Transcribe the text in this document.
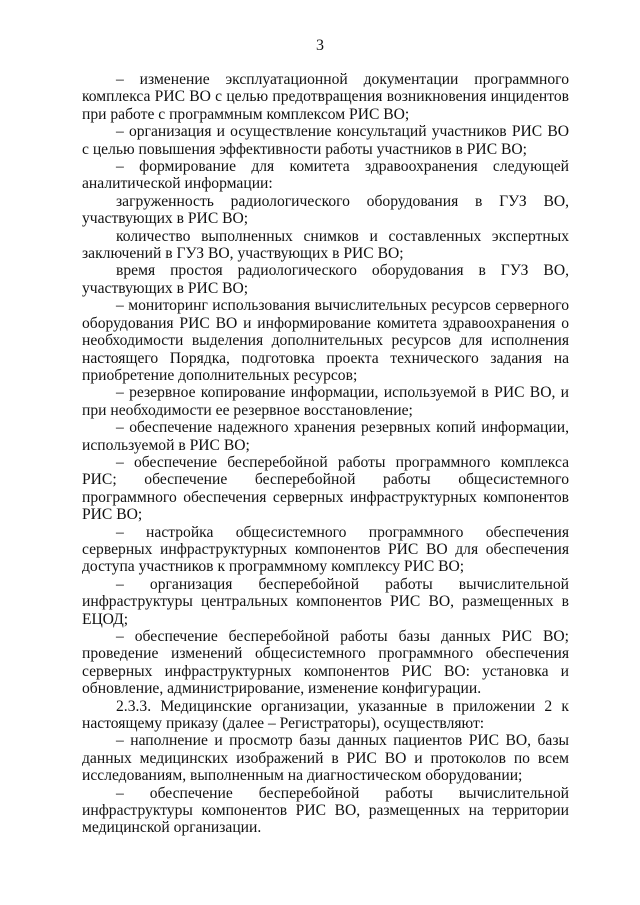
3

– изменение эксплуатационной документации программного комплекса РИС ВО с целью предотвращения возникновения инцидентов при работе с программным комплексом РИС ВО;

– организация и осуществление консультаций участников РИС ВО с целью повышения эффективности работы участников в РИС ВО;

– формирование для комитета здравоохранения следующей аналитической информации:

загруженность радиологического оборудования в ГУЗ ВО, участвующих в РИС ВО;

количество выполненных снимков и составленных экспертных заключений в ГУЗ ВО, участвующих в РИС ВО;

время простоя радиологического оборудования в ГУЗ ВО, участвующих в РИС ВО;

– мониторинг использования вычислительных ресурсов серверного оборудования РИС ВО и информирование комитета здравоохранения о необходимости выделения дополнительных ресурсов для исполнения настоящего Порядка, подготовка проекта технического задания на приобретение дополнительных ресурсов;

– резервное копирование информации, используемой в РИС ВО, и при необходимости ее резервное восстановление;

– обеспечение надежного хранения резервных копий информации, используемой в РИС ВО;

– обеспечение бесперебойной работы программного комплекса РИС; обеспечение бесперебойной работы общесистемного программного обеспечения серверных инфраструктурных компонентов РИС ВО;

– настройка общесистемного программного обеспечения серверных инфраструктурных компонентов РИС ВО для обеспечения доступа участников к программному комплексу РИС ВО;

– организация бесперебойной работы вычислительной инфраструктуры центральных компонентов РИС ВО, размещенных в ЕЦОД;

– обеспечение бесперебойной работы базы данных РИС ВО; проведение изменений общесистемного программного обеспечения серверных инфраструктурных компонентов РИС ВО: установка и обновление, администрирование, изменение конфигурации.

2.3.3. Медицинские организации, указанные в приложении 2 к настоящему приказу (далее – Регистраторы), осуществляют:

– наполнение и просмотр базы данных пациентов РИС ВО, базы данных медицинских изображений в РИС ВО и протоколов по всем исследованиям, выполненным на диагностическом оборудовании;

– обеспечение бесперебойной работы вычислительной инфраструктуры компонентов РИС ВО, размещенных на территории медицинской организации.
